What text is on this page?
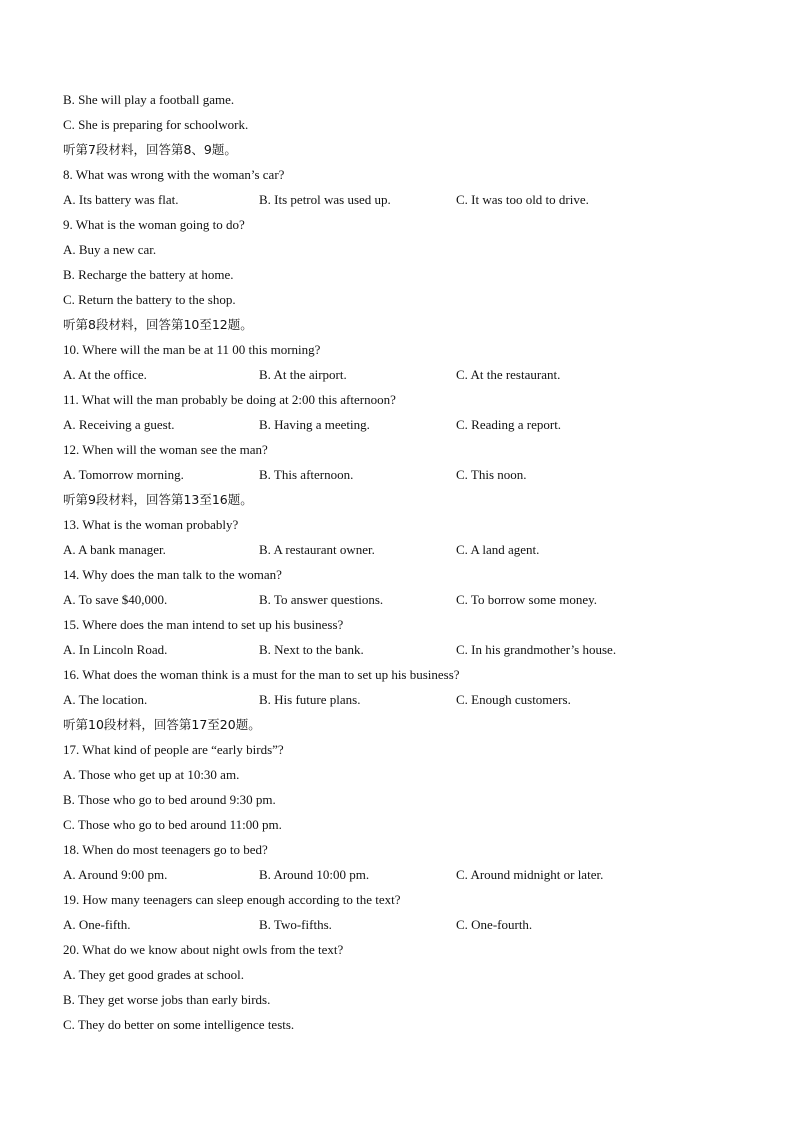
B. She will play a football game.
C. She is preparing for schoolwork.
听第7段材料，回答第8、9题。
8. What was wrong with the woman’s car?
A. Its battery was flat.	B. Its petrol was used up.	C. It was too old to drive.
9. What is the woman going to do?
A. Buy a new car.
B. Recharge the battery at home.
C. Return the battery to the shop.
听第8段材料，回答第10至12题。
10. Where will the man be at 11 00 this morning?
A. At the office.	B. At the airport.	C. At the restaurant.
11. What will the man probably be doing at 2:00 this afternoon?
A. Receiving a guest.	B. Having a meeting.	C. Reading a report.
12. When will the woman see the man?
A. Tomorrow morning.	B. This afternoon.	C. This noon.
听第9段材料，回答第13至16题。
13. What is the woman probably?
A. A bank manager.	B. A restaurant owner.	C. A land agent.
14. Why does the man talk to the woman?
A. To save $40,000.	B. To answer questions.	C. To borrow some money.
15. Where does the man intend to set up his business?
A. In Lincoln Road.	B. Next to the bank.	C. In his grandmother’s house.
16. What does the woman think is a must for the man to set up his business?
A. The location.	B. His future plans.	C. Enough customers.
听第10段材料，回答第17至20题。
17. What kind of people are “early birds”?
A. Those who get up at 10:30 am.
B. Those who go to bed around 9:30 pm.
C. Those who go to bed around 11:00 pm.
18. When do most teenagers go to bed?
A. Around 9:00 pm.	B. Around 10:00 pm.	C. Around midnight or later.
19. How many teenagers can sleep enough according to the text?
A. One-fifth.	B. Two-fifths.	C. One-fourth.
20. What do we know about night owls from the text?
A. They get good grades at school.
B. They get worse jobs than early birds.
C. They do better on some intelligence tests.
